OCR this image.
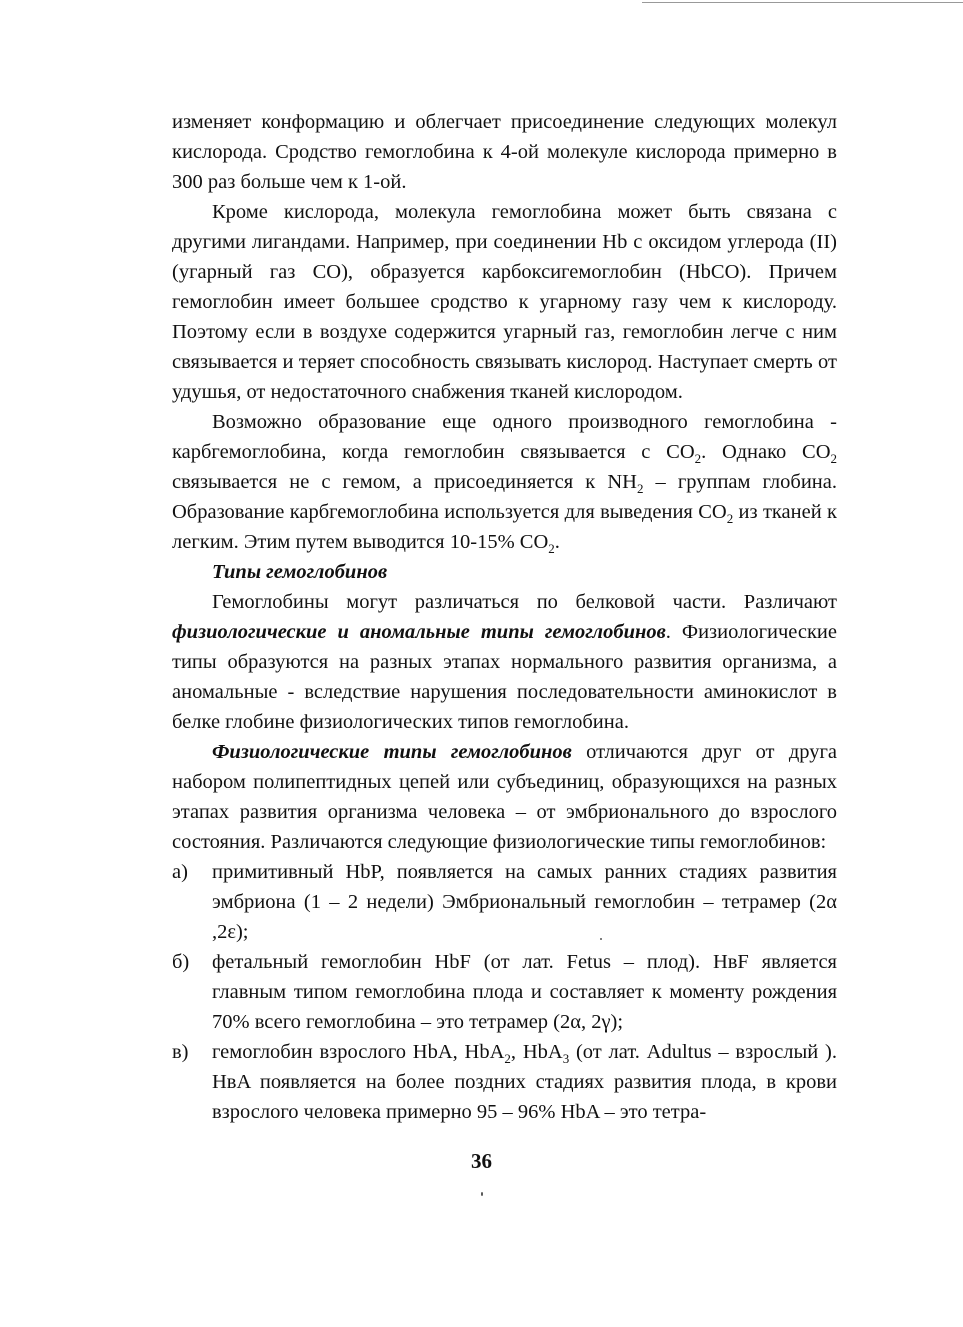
изменяет конформацию и облегчает присоединение следующих молекул кислорода. Сродство гемоглобина к 4-ой молекуле кислорода примерно в 300 раз больше чем к 1-ой.

Кроме кислорода, молекула гемоглобина может быть связана с другими лигандами. Например, при соединении Hb с оксидом углерода (II) (угарный газ CO), образуется карбоксигемоглобин (HbCO). Причем гемоглобин имеет большее сродство к угарному газу чем к кислороду. Поэтому если в воздухе содержится угарный газ, гемоглобин легче с ним связывается и теряет способность связывать кислород. Наступает смерть от удушья, от недостаточного снабжения тканей кислородом.

Возможно образование еще одного производного гемоглобина - карбгемоглобина, когда гемоглобин связывается с $CO_2$. Однако $CO_2$ связывается не с гемом, а присоединяется к $NH_2$ – группам глобина. Образование карбгемоглобина используется для выведения $CO_2$ из тканей к легким. Этим путем выводится 10-15% $CO_2$.

Типы гемоглобинов

Гемоглобины могут различаться по белковой части. Различают физиологические и аномальные типы гемоглобинов. Физиологические типы образуются на разных этапах нормального развития организма, а аномальные - вследствие нарушения последовательности аминокислот в белке глобине физиологических типов гемоглобина.

Физиологические типы гемоглобинов отличаются друг от друга набором полипептидных цепей или субъединиц, образующихся на разных этапах развития организма человека – от эмбрионального до взрослого состояния. Различаются следующие физиологические типы гемоглобинов:

а) примитивный HbP, появляется на самых ранних стадиях развития эмбриона (1 – 2 недели) Эмбриональный гемоглобин – тетрамер (2α ,2ε);
б) фетальный гемоглобин HbF (от лат. Fetus – плод). HвF является главным типом гемоглобина плода и составляет к моменту рождения 70% всего гемоглобина – это тетрамер (2α, 2γ);
в) гемоглобин взрослого HbA, HbA$_2$, HbA$_3$ (от лат. Adultus – взрослый ). HвA появляется на более поздних стадиях развития плода, в крови взрослого человека примерно 95 – 96% HbA – это тетра-
36
